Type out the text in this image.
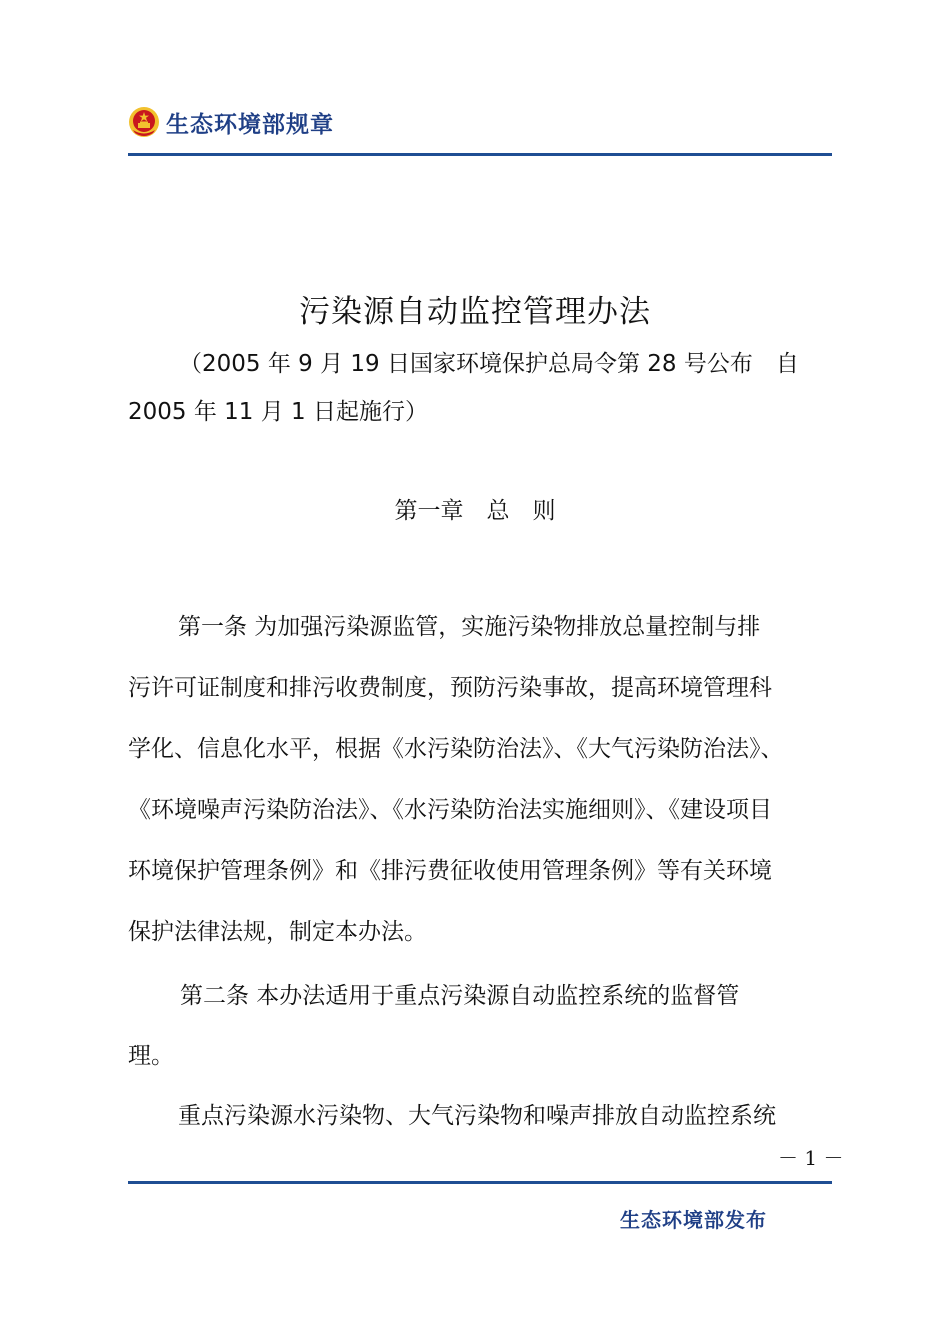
生态环境部规章
污染源自动监控管理办法
（2005 年 9 月 19 日国家环境保护总局令第 28 号公布　自
2005 年 11 月 1 日起施行）
第一章　总　则
第一条 为加强污染源监管，实施污染物排放总量控制与排
污许可证制度和排污收费制度，预防污染事故，提高环境管理科
学化、信息化水平，根据《水污染防治法》、《大气污染防治法》、
《环境噪声污染防治法》、《水污染防治法实施细则》、《建设项目
环境保护管理条例》和《排污费征收使用管理条例》等有关环境
保护法律法规，制定本办法。
第二条 本办法适用于重点污染源自动监控系统的监督管
理。
重点污染源水污染物、大气污染物和噪声排放自动监控系统
－ 1 －
生态环境部发布
